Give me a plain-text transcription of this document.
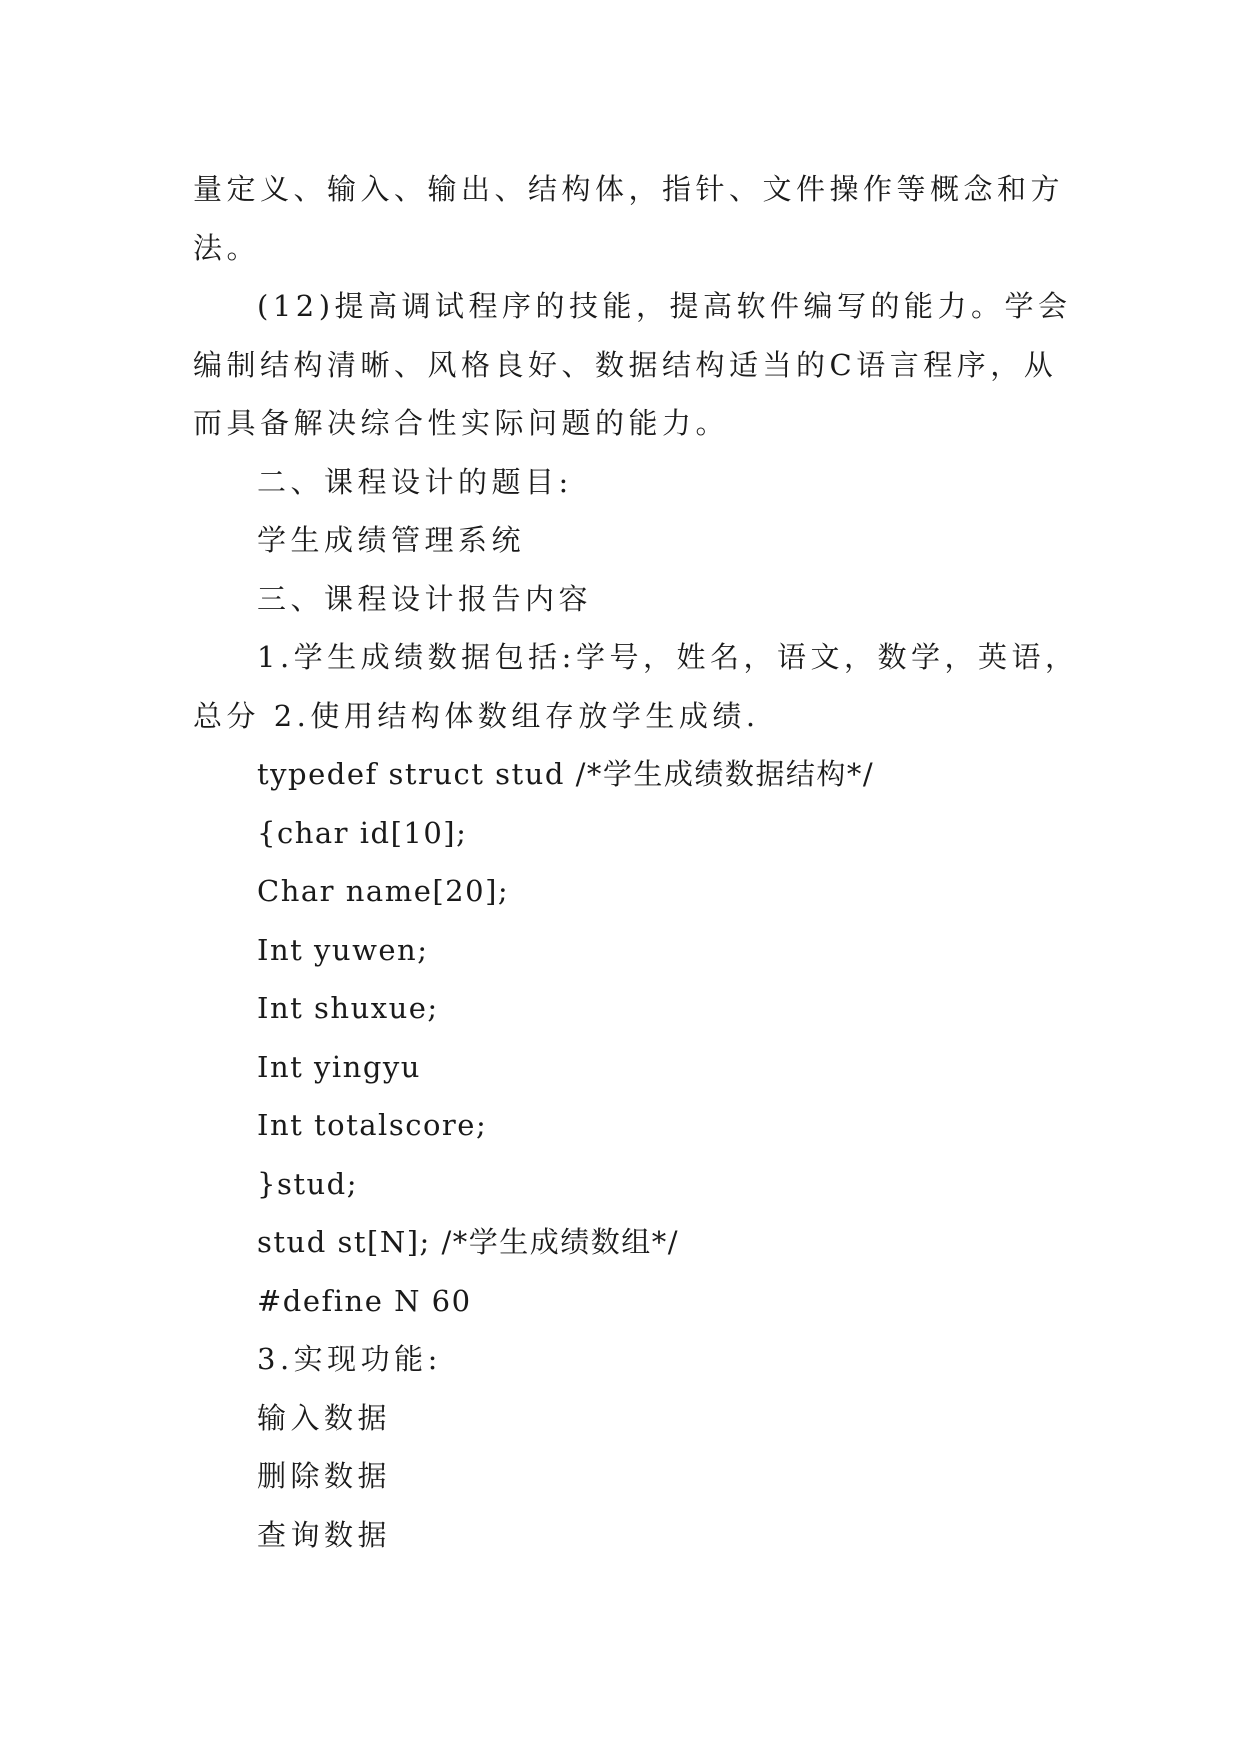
量定义、输入、输出、结构体，指针、文件操作等概念和方
法。
(12)提高调试程序的技能，提高软件编写的能力。学会
编制结构清晰、风格良好、数据结构适当的C语言程序，从
而具备解决综合性实际问题的能力。
二、课程设计的题目:
学生成绩管理系统
三、课程设计报告内容
1.学生成绩数据包括:学号，姓名，语文，数学，英语，
总分 2.使用结构体数组存放学生成绩.
typedef struct stud /*学生成绩数据结构*/
{char id[10];
Char name[20];
Int yuwen;
Int shuxue;
Int yingyu
Int totalscore;
}stud;
stud st[N]; /*学生成绩数组*/
#define N 60
3.实现功能:
输入数据
删除数据
查询数据
